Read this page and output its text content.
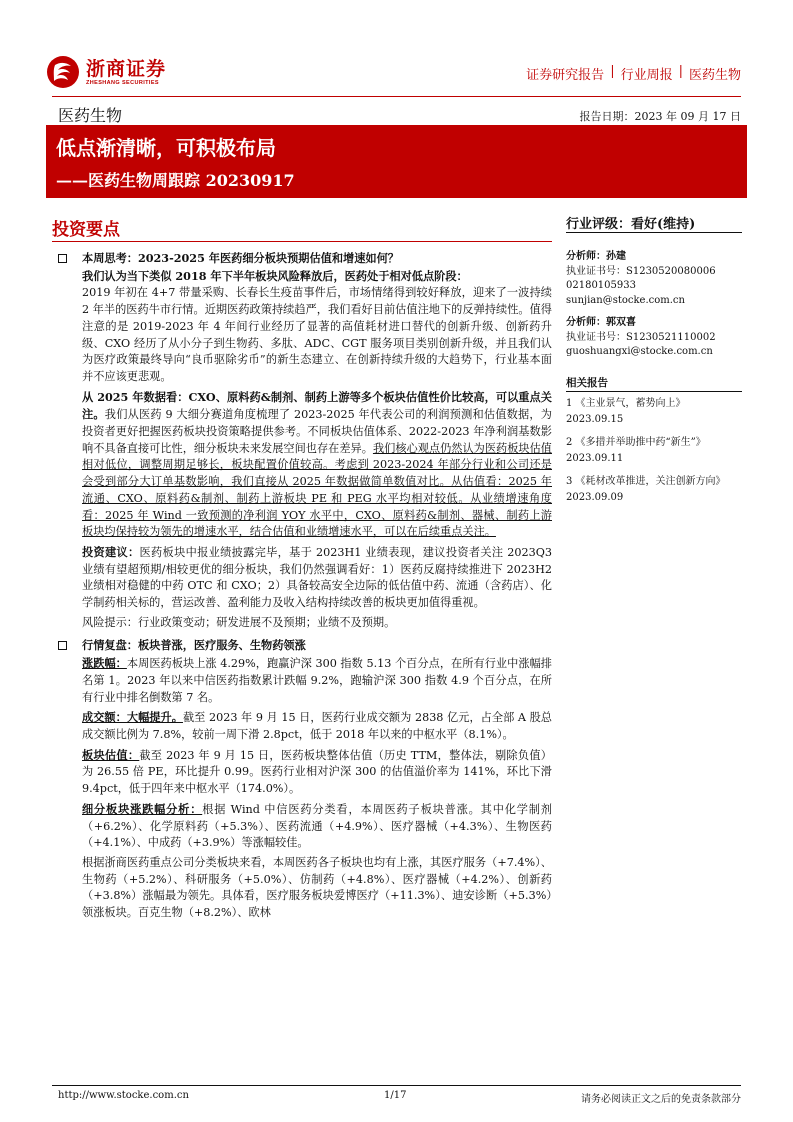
浙商证券
ZHESHANG SECURITIES	证券研究报告 | 行业周报 | 医药生物
医药生物	报告日期：2023 年 09 月 17 日
低点渐清晰，可积极布局
——医药生物周跟踪 20230917
投资要点
本周思考：2023-2025 年医药细分板块预期估值和增速如何？
我们认为当下类似 2018 年下半年板块风险释放后，医药处于相对低点阶段：
2019 年初在 4+7 带量采购、长春长生疫苗事件后，市场情绪得到较好释放，迎来了一波持续 2 年半的医药牛市行情。近期医药政策持续趋严，我们看好目前估值注地下的反弹持续性。值得注意的是 2019-2023 年 4 年间行业经历了显著的高值耗材进口替代的创新升级、创新药升级、CXO 经历了从小分子到生物药、多肽、ADC、CGT 服务项目类别创新升级，并且我们认为医疗政策最终导向“良币驱除劣币”的新生态建立、在创新持续升级的大趋势下，行业基本面并不应该更悲观。
从 2025 年数据看：CXO、原料药&制剂、制药上游等多个板块估值性价比较高，可以重点关注。我们从医药 9 大细分赛道角度梳理了 2023-2025 年代表公司的利润预测和估值数据，为投资者更好把握医药板块投资策略提供参考。不同板块估值体系、2022-2023 年净利润基数影响不具备直接可比性，细分板块未来发展空间也存在差异。我们核心观点仍然认为医药板块估值相对低位，调整周期足够长，板块配置价值较高。考虑到 2023-2024 年部分行业和公司还是会受到部分大订单基数影响，我们直接从 2025 年数据做简单数值对比。从估值看：2025 年流通、CXO、原料药&制剂、制药上游板块 PE 和 PEG 水平均相对较低。从业绩增速角度看：2025 年 Wind 一致预测的净利润 YOY 水平中，CXO、原料药&制剂、器械、制药上游板块均保持较为领先的增速水平，结合估值和业绩增速水平，可以在后续重点关注。
投资建议：医药板块中报业绩披露完毕，基于 2023H1 业绩表现，建议投资者关注 2023Q3 业绩有望超预期/相较更优的细分板块，我们仍然强调看好：1）医药反腐持续推进下 2023H2 业绩相对稳健的中药 OTC 和 CXO；2）具备较高安全边际的低估值中药、流通（含药店）、化学制药相关标的，营运改善、盈利能力及收入结构持续改善的板块更加值得重视。
风险提示：行业政策变动；研发进展不及预期；业绩不及预期。
行情复盘：板块普涨，医疗服务、生物药领涨
涨跌幅：本周医药板块上涨 4.29%，跑赢沪深 300 指数 5.13 个百分点，在所有行业中涨幅排名第 1。2023 年以来中信医药指数累计跌幅 9.2%，跑输沪深 300 指数 4.9 个百分点，在所有行业中排名倒数第 7 名。
成交额：大幅提升。截至 2023 年 9 月 15 日，医药行业成交额为 2838 亿元，占全部 A 股总成交额比例为 7.8%，较前一周下滑 2.8pct，低于 2018 年以来的中枢水平（8.1%）。
板块估值：截至 2023 年 9 月 15 日，医药板块整体估值（历史 TTM，整体法，剔除负值）为 26.55 倍 PE，环比提升 0.99。医药行业相对沪深 300 的估值溢价率为 141%，环比下滑 9.4pct，低于四年来中枢水平（174.0%）。
细分板块涨跌幅分析：根据 Wind 中信医药分类看，本周医药子板块普涨。其中化学制剂（+6.2%）、化学原料药（+5.3%）、医药流通（+4.9%）、医疗器械（+4.3%）、生物医药（+4.1%）、中成药（+3.9%）等涨幅较佳。
根据浙商医药重点公司分类板块来看，本周医药各子板块也均有上涨，其医疗服务（+7.4%）、生物药（+5.2%）、科研服务（+5.0%）、仿制药（+4.8%）、医疗器械（+4.2%）、创新药（+3.8%）涨幅最为领先。具体看，医疗服务板块爱博医疗（+11.3%）、迪安诊断（+5.3%）领涨板块。百克生物（+8.2%）、欧林
行业评级：看好(维持)
分析师：孙建
执业证书号：S1230520080006
02180105933
sunjian@stocke.com.cn
分析师：郭双喜
执业证书号：S1230521110002
guoshuangxi@stocke.com.cn
相关报告
1 《主业景气，蓄势向上》 2023.09.15
2 《多措并举助推中药“新生”》 2023.09.11
3 《耗材改革推进，关注创新方向》 2023.09.09
http://www.stocke.com.cn	1/17	请务必阅读正文之后的免责条款部分
